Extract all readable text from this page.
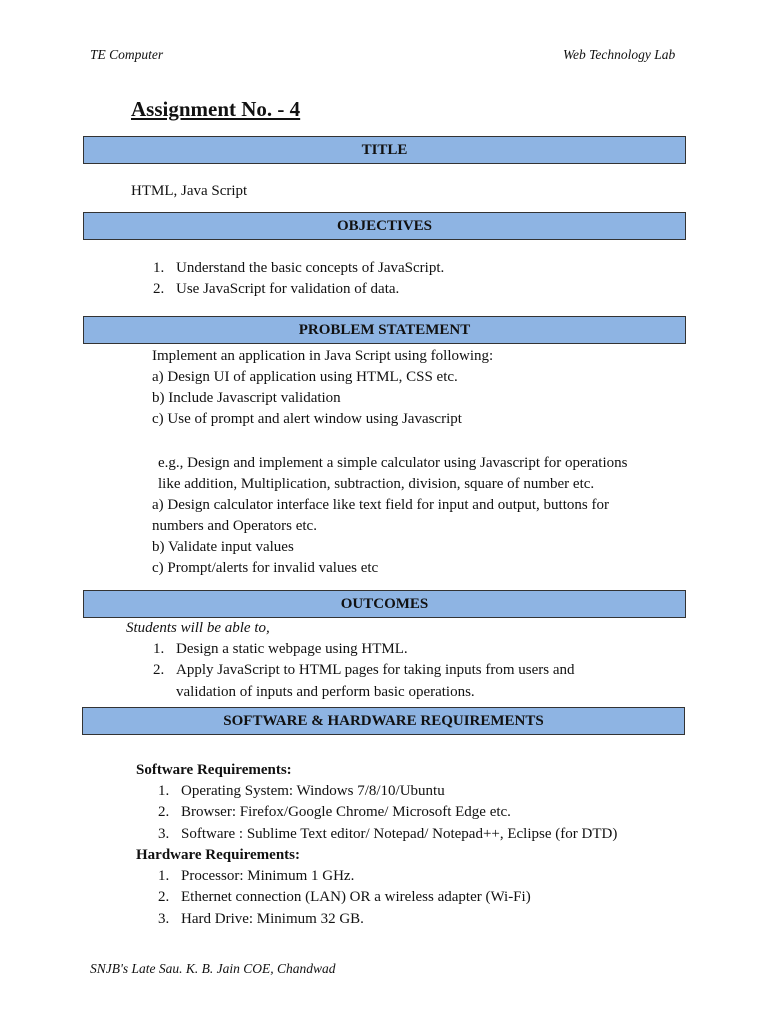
TE Computer	Web Technology Lab
Assignment No. - 4
TITLE
HTML, Java Script
OBJECTIVES
1. Understand the basic concepts of JavaScript.
2. Use JavaScript for validation of data.
PROBLEM STATEMENT
Implement an application in Java Script using following:
a) Design UI of application using HTML, CSS etc.
b) Include Javascript validation
c) Use of prompt and alert window using Javascript
e.g., Design and implement a simple calculator using Javascript for operations
like addition, Multiplication, subtraction, division, square of number etc.
a) Design calculator interface like text field for input and output, buttons for
numbers and Operators etc.
b) Validate input values
c) Prompt/alerts for invalid values etc
OUTCOMES
Students will be able to,
1. Design a static webpage using HTML.
2. Apply JavaScript to HTML pages for taking inputs from users and
validation of inputs and perform basic operations.
SOFTWARE & HARDWARE REQUIREMENTS
Software Requirements:
1. Operating System: Windows 7/8/10/Ubuntu
2. Browser: Firefox/Google Chrome/ Microsoft Edge etc.
3. Software : Sublime Text editor/ Notepad/ Notepad++, Eclipse (for DTD)
Hardware Requirements:
1. Processor: Minimum 1 GHz.
2. Ethernet connection (LAN) OR a wireless adapter (Wi-Fi)
3. Hard Drive: Minimum 32 GB.
SNJB's Late Sau. K. B. Jain COE, Chandwad
